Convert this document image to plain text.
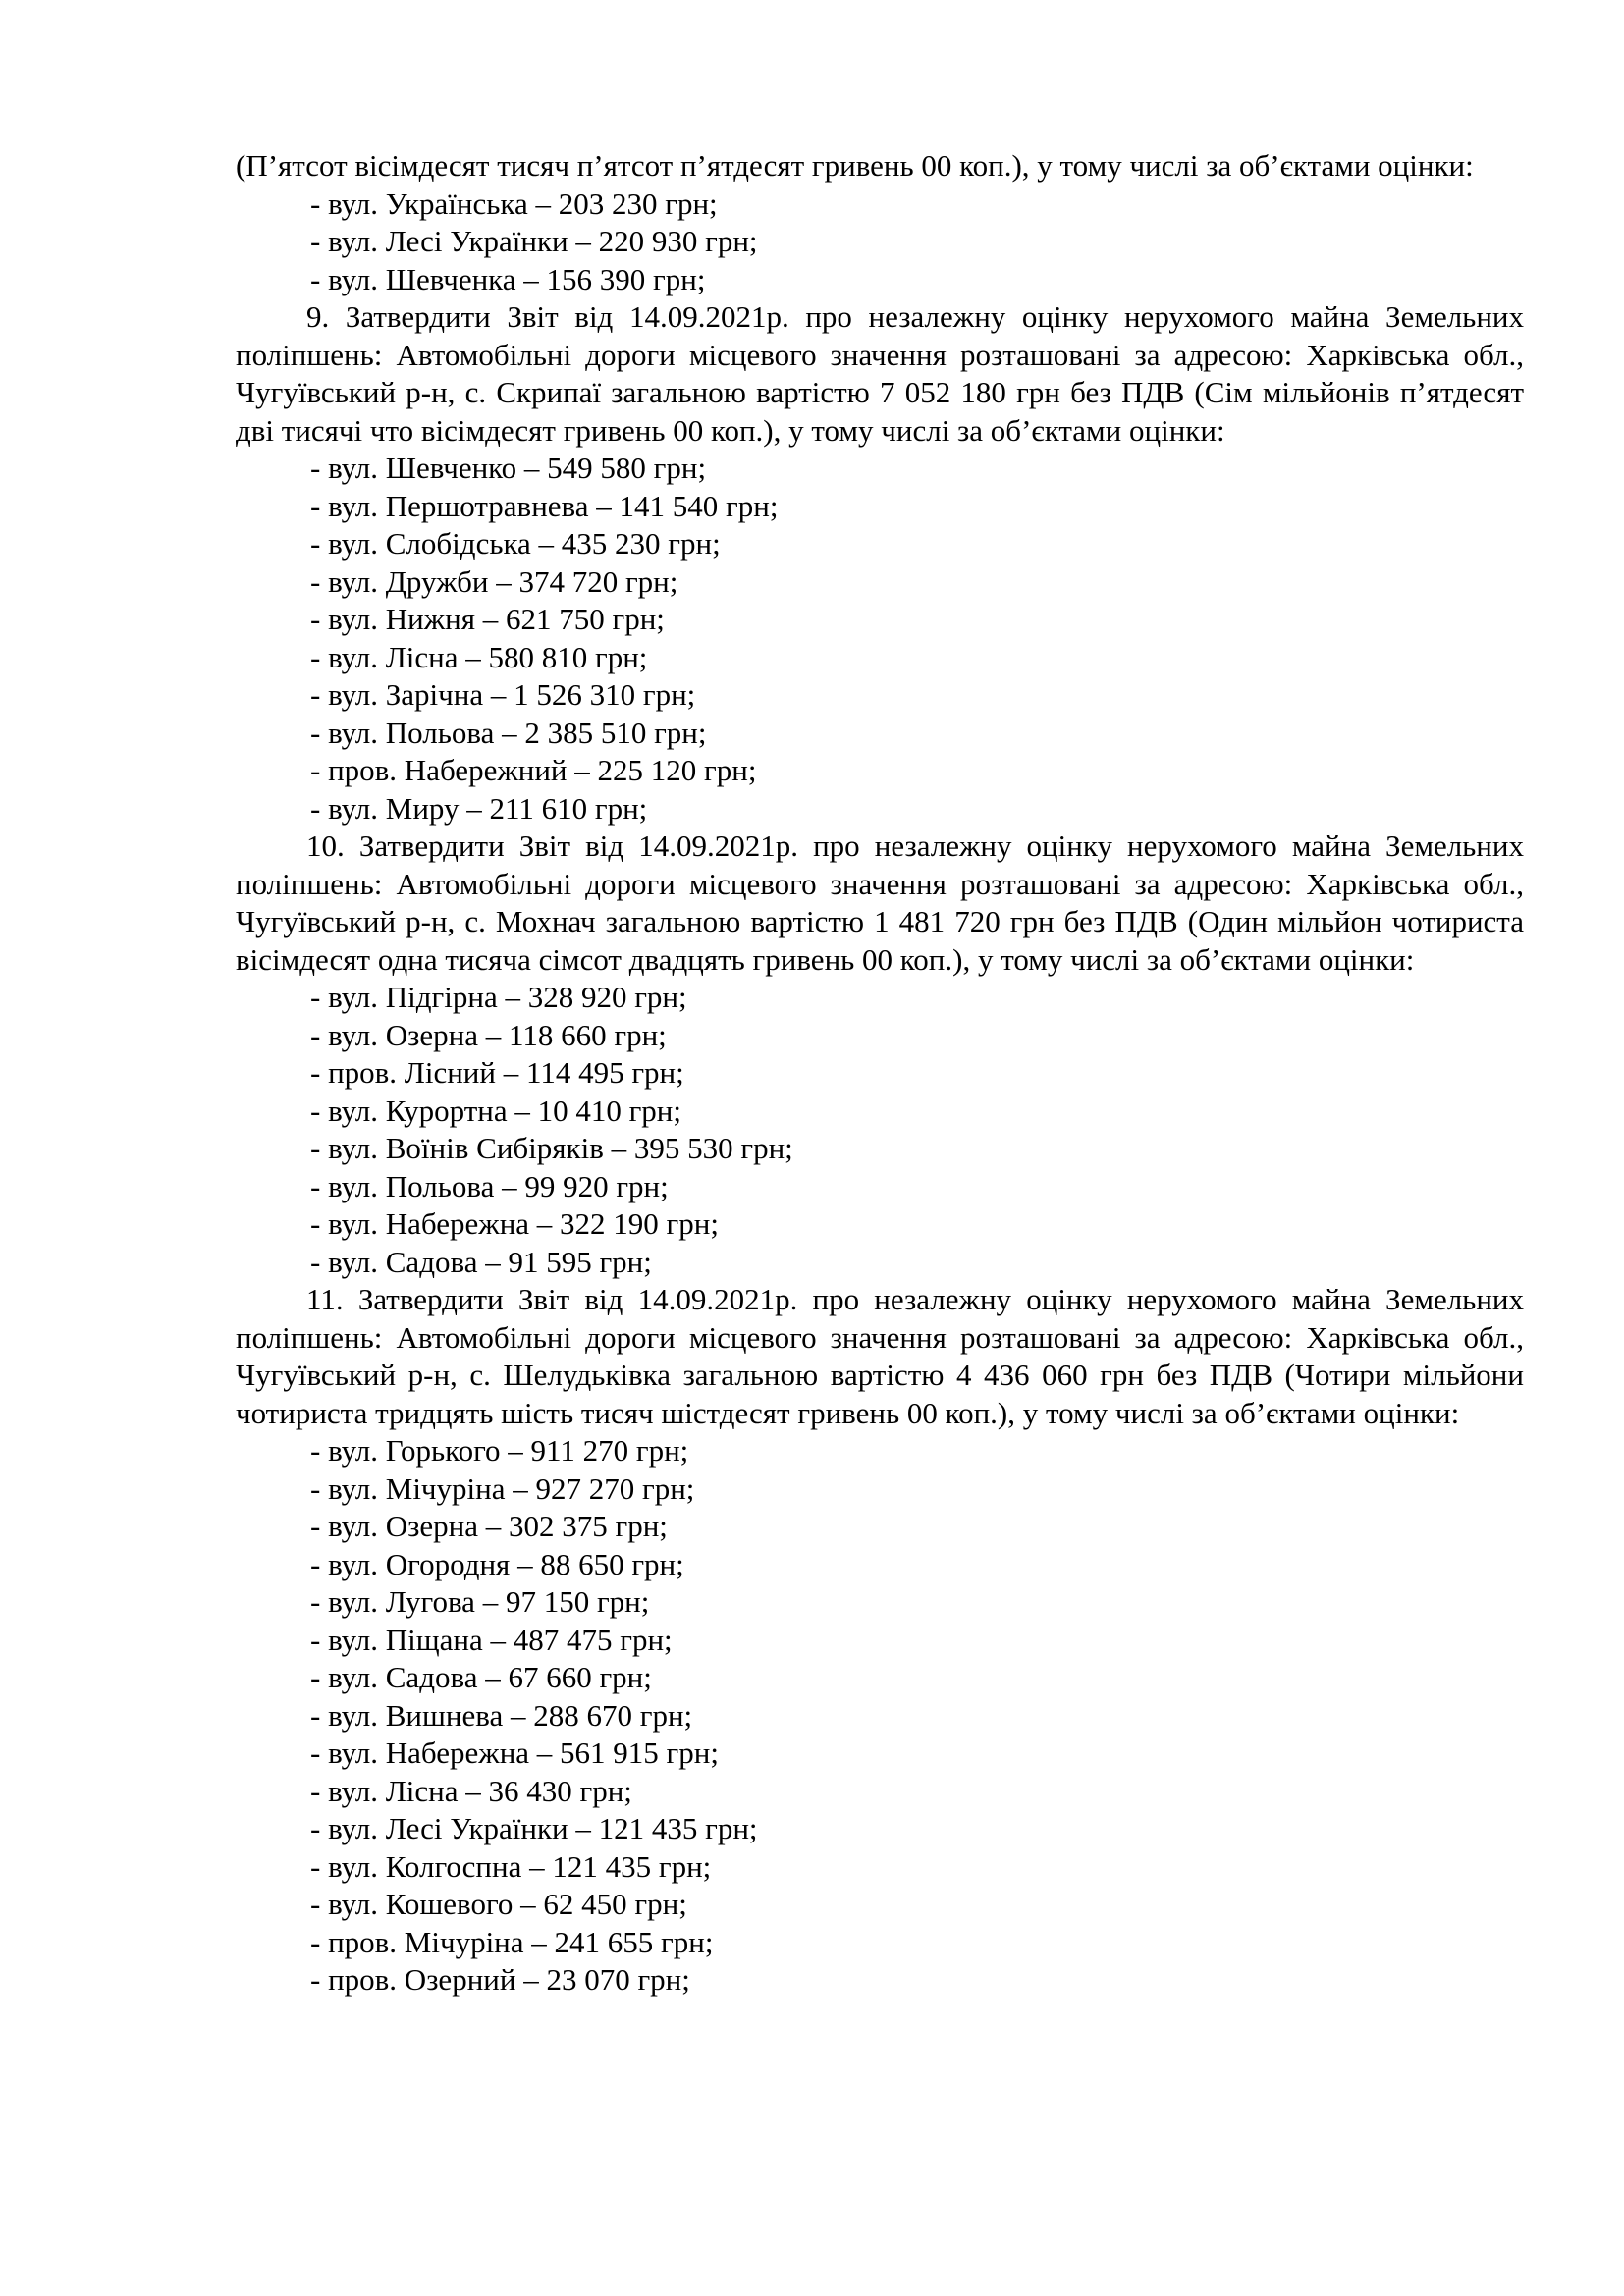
(П’ятсот вісімдесят тисяч п’ятсот п’ятдесят гривень 00 коп.), у тому числі за об’єктами оцінки:

- вул. Українська – 203 230 грн;
- вул. Лесі Українки – 220 930 грн;
- вул. Шевченка – 156 390 грн;

9. Затвердити Звіт від 14.09.2021р. про незалежну оцінку нерухомого майна Земельних поліпшень: Автомобільні дороги місцевого значення розташовані за адресою: Харківська обл., Чугуївський р-н, с. Скрипаї загальною вартістю 7 052 180 грн без ПДВ (Сім мільйонів п’ятдесят дві тисячі что вісімдесят гривень 00 коп.), у тому числі за об’єктами оцінки:

- вул. Шевченко – 549 580 грн;
- вул. Першотравнева – 141 540 грн;
- вул. Слобідська – 435 230 грн;
- вул. Дружби – 374 720 грн;
- вул. Нижня – 621 750 грн;
- вул. Лісна – 580 810 грн;
- вул. Зарічна – 1 526 310 грн;
- вул. Польова – 2 385 510 грн;
- пров. Набережний – 225 120 грн;
- вул. Миру – 211 610 грн;

10. Затвердити Звіт від 14.09.2021р. про незалежну оцінку нерухомого майна Земельних поліпшень: Автомобільні дороги місцевого значення розташовані за адресою: Харківська обл., Чугуївський р-н, с. Мохнач загальною вартістю 1 481 720 грн без ПДВ (Один мільйон чотириста вісімдесят одна тисяча сімсот двадцять гривень 00 коп.), у тому числі за об’єктами оцінки:

- вул. Підгірна – 328 920 грн;
- вул. Озерна – 118 660 грн;
- пров. Лісний – 114 495 грн;
- вул. Курортна – 10 410 грн;
- вул. Воїнів Сибіряків – 395 530 грн;
- вул. Польова – 99 920 грн;
- вул. Набережна – 322 190 грн;
- вул. Садова – 91 595 грн;

11. Затвердити Звіт від 14.09.2021р. про незалежну оцінку нерухомого майна Земельних поліпшень: Автомобільні дороги місцевого значення розташовані за адресою: Харківська обл., Чугуївський р-н, с. Шелудьківка загальною вартістю 4 436 060 грн без ПДВ (Чотири мільйони чотириста тридцять шість тисяч шістдесят гривень 00 коп.), у тому числі за об’єктами оцінки:

- вул. Горького – 911 270 грн;
- вул. Мічуріна – 927 270 грн;
- вул. Озерна – 302 375 грн;
- вул. Огородня – 88 650 грн;
- вул. Лугова – 97 150 грн;
- вул. Піщана – 487 475 грн;
- вул. Садова – 67 660 грн;
- вул. Вишнева – 288 670 грн;
- вул. Набережна – 561 915 грн;
- вул. Лісна – 36 430 грн;
- вул. Лесі Українки – 121 435 грн;
- вул. Колгоспна – 121 435 грн;
- вул. Кошевого – 62 450 грн;
- пров. Мічуріна – 241 655 грн;
- пров. Озерний – 23 070 грн;
